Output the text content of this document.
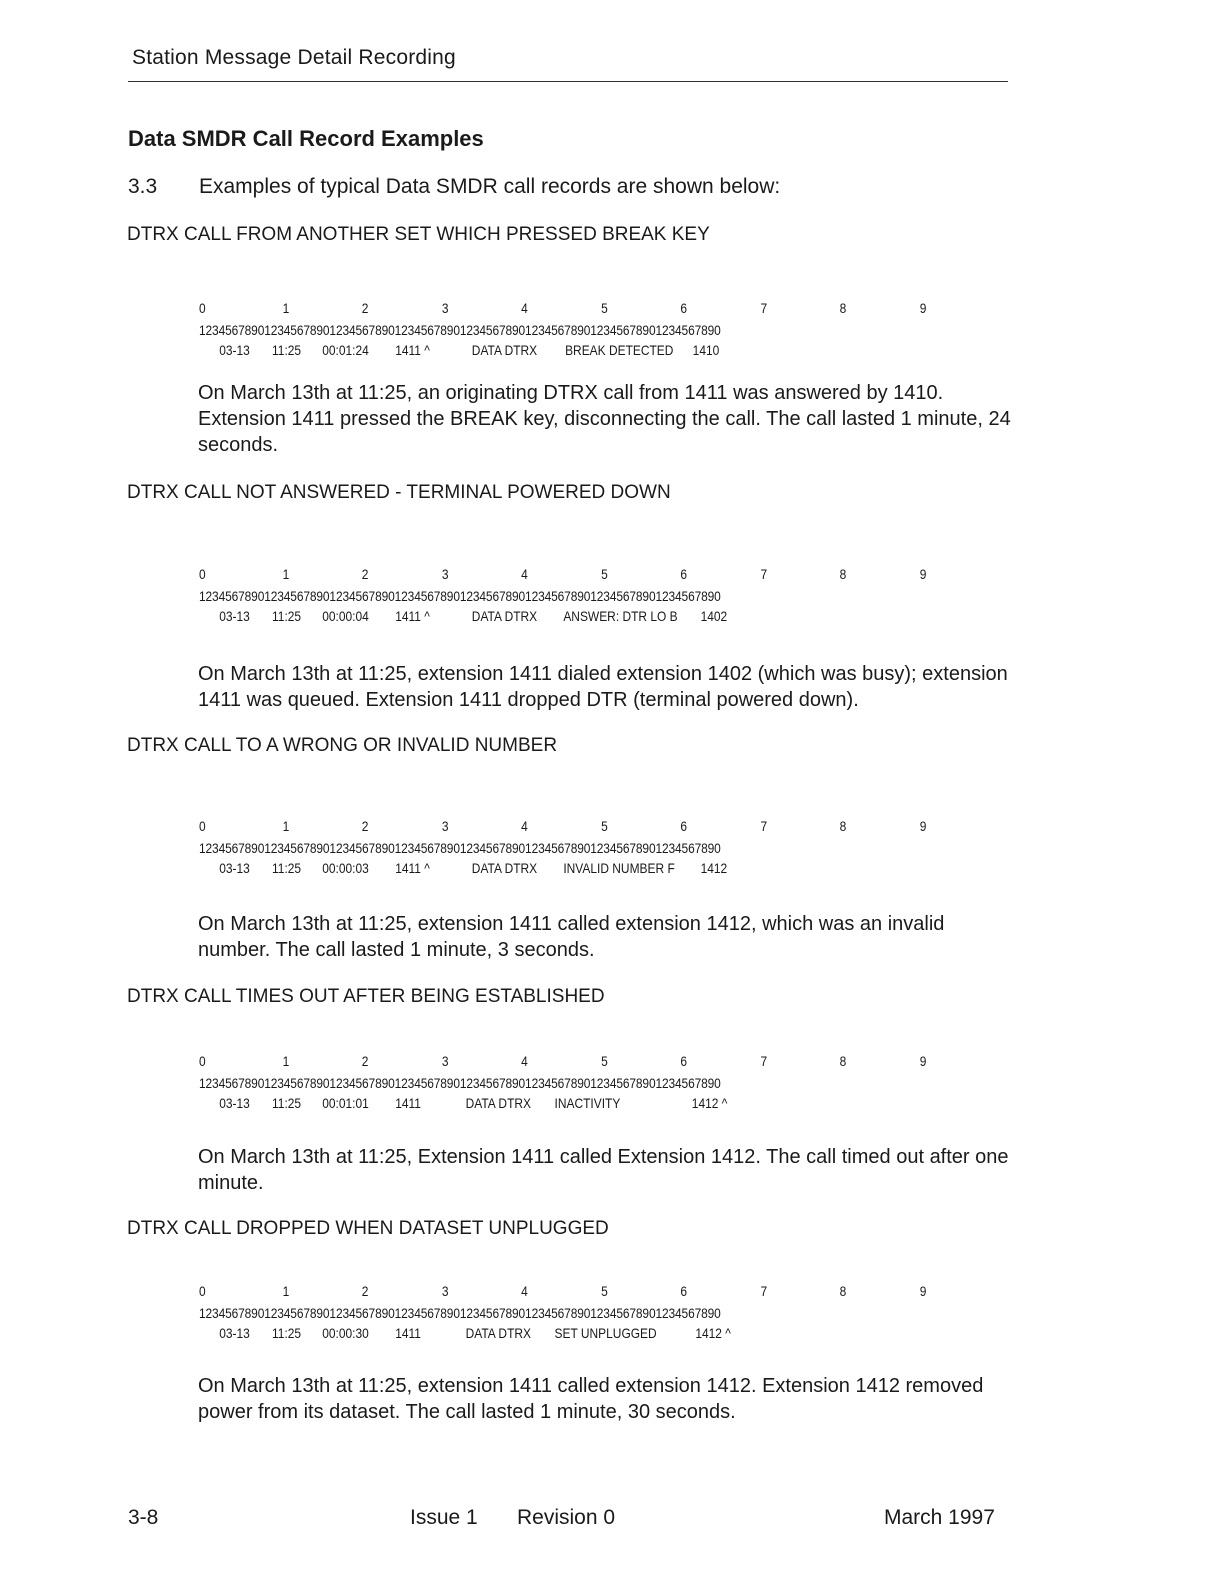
Station Message Detail Recording
Data SMDR Call Record Examples
3.3 Examples of typical Data SMDR call records are shown below:
DTRX CALL FROM ANOTHER SET WHICH PRESSED BREAK KEY
0	1	2	3	4	5	6	7	8	9
12345678901234567890123456789012345678901234567890123456789012345678901234567890
03-13 11:25 00:01:24 1411 ^	DATA DTRX BREAK DETECTED 1410
On March 13th at 11:25, an originating DTRX call from 1411 was answered by 1410. Extension 1411 pressed the BREAK key, disconnecting the call. The call lasted 1 minute, 24 seconds.
DTRX CALL NOT ANSWERED - TERMINAL POWERED DOWN
0	1	2	3	4	5	6	7	8	9
12345678901234567890123456789012345678901234567890123456789012345678901234567890
03-13 11:25 00:00:04 1411 ^	DATA DTRX ANSWER: DTR LO B 1402
On March 13th at 11:25, extension 1411 dialed extension 1402 (which was busy); extension 1411 was queued. Extension 1411 dropped DTR (terminal powered down).
DTRX CALL TO A WRONG OR INVALID NUMBER
0	1	2	3	4	5	6	7	8	9
12345678901234567890123456789012345678901234567890123456789012345678901234567890
03-13 11:25 00:00:03 1411 ^	DATA DTRX INVALID NUMBER F 1412
On March 13th at 11:25, extension 1411 called extension 1412, which was an invalid number. The call lasted 1 minute, 3 seconds.
DTRX CALL TIMES OUT AFTER BEING ESTABLISHED
0	1	2	3	4	5	6	7	8	9
12345678901234567890123456789012345678901234567890123456789012345678901234567890
03-13 11:25 00:01:01 1411	DATA DTRX INACTIVITY	1412 ^
On March 13th at 11:25, Extension 1411 called Extension 1412. The call timed out after one minute.
DTRX CALL DROPPED WHEN DATASET UNPLUGGED
0	1	2	3	4	5	6	7	8	9
12345678901234567890123456789012345678901234567890123456789012345678901234567890
03-13 11:25 00:00:30 1411	DATA DTRX SET UNPLUGGED	1412 ^
On March 13th at 11:25, extension 1411 called extension 1412. Extension 1412 removed power from its dataset. The call lasted 1 minute, 30 seconds.
3-8	Issue 1 Revision 0	March 1997
